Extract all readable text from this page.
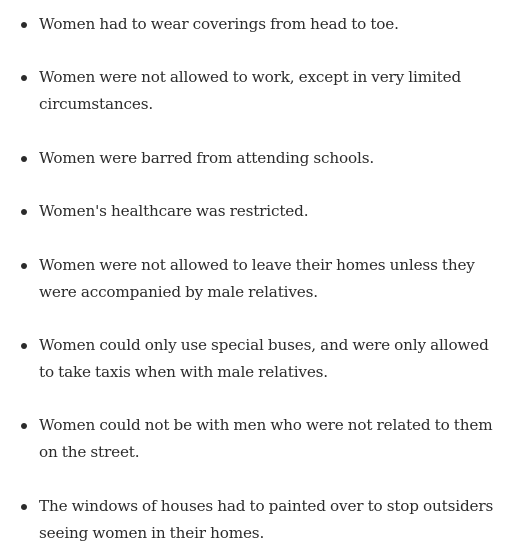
Women had to wear coverings from head to toe.
Women were not allowed to work, except in very limited circumstances.
Women were barred from attending schools.
Women's healthcare was restricted.
Women were not allowed to leave their homes unless they were accompanied by male relatives.
Women could only use special buses, and were only allowed to take taxis when with male relatives.
Women could not be with men who were not related to them on the street.
The windows of houses had to painted over to stop outsiders seeing women in their homes.
